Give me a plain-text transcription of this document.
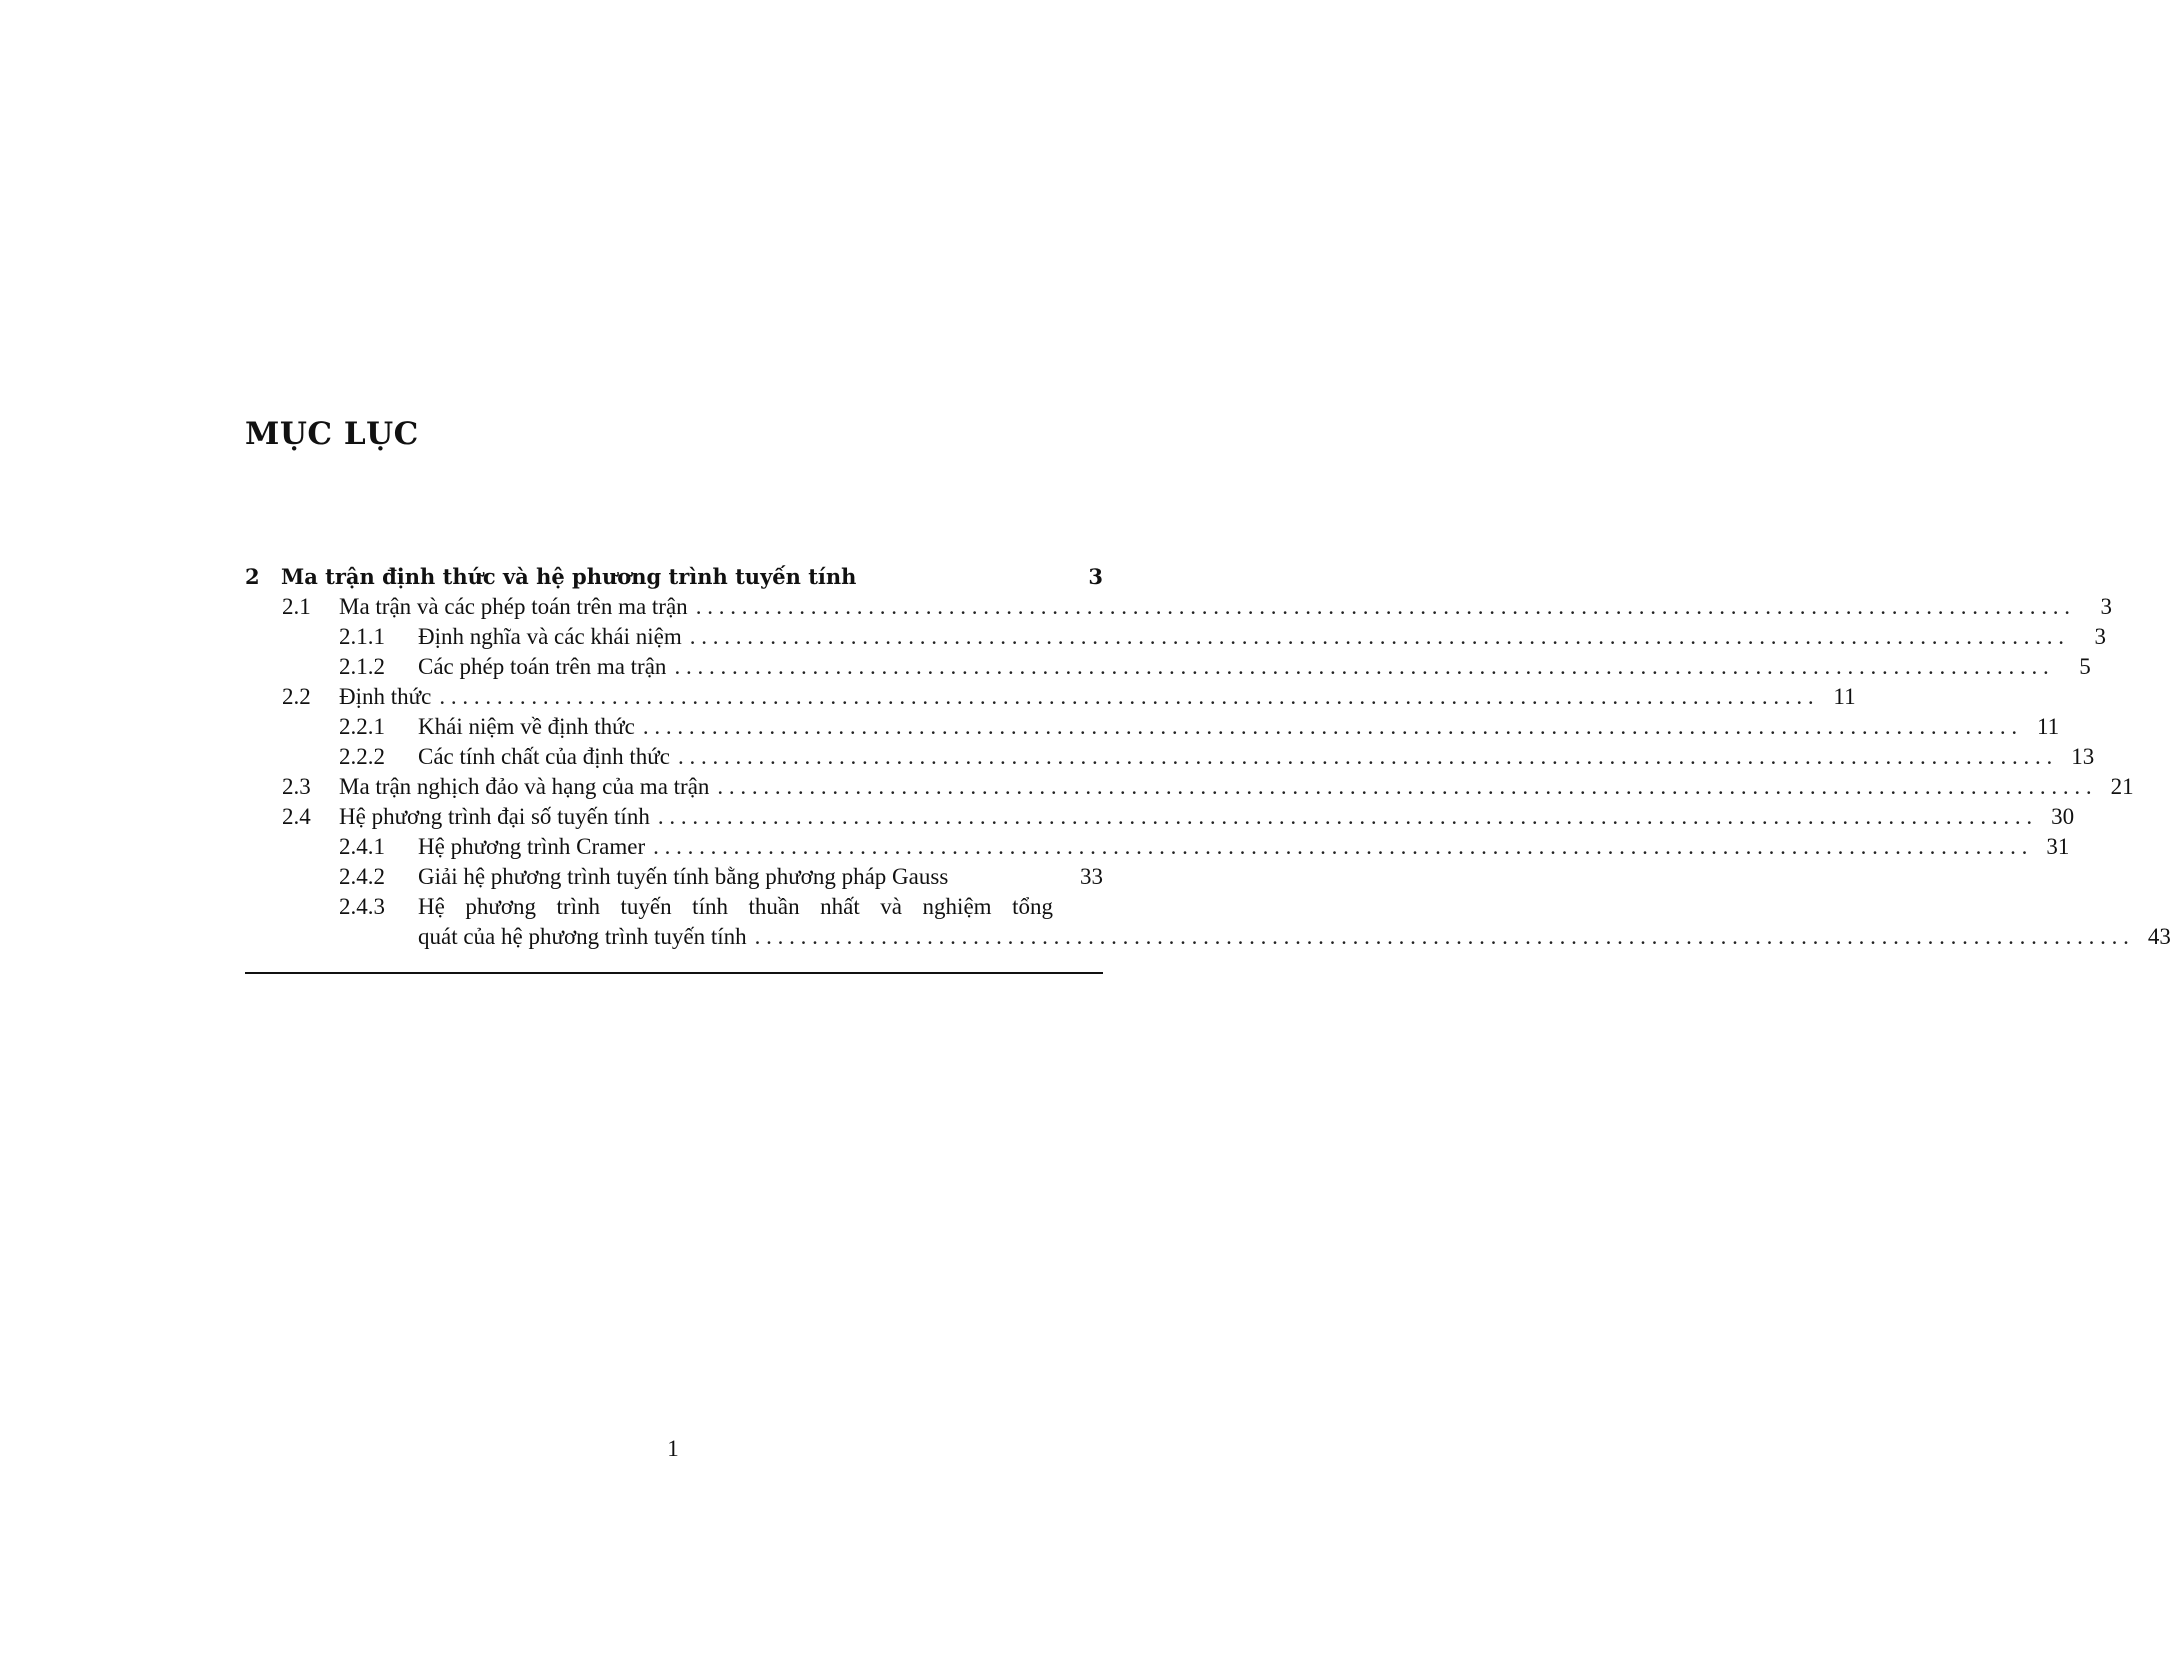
MỤC LỤC
2	Ma trận định thức và hệ phương trình tuyến tính	3
2.1	Ma trận và các phép toán trên ma trận . . . . . . . . . . . . . . . . . . . . . . . . . . . . . . . . . . . . . . . . . . . . . . . . . . . . . . . . . . . . . . . . . . . . . . . . . . . . . . . . . . . . . . . . . . . . . . . . . . . . . . . . . . . . . . . . . . . . . . . .	3
2.1.1	Định nghĩa và các khái niệm . . . . . . . . . . . . . . . . . . . . . . . . . . . . . . . . . . . . . . . . . . . . . . . . . . . . . . . . . . . . . . . . . . . . . . . . . . . . . . . . . . . . . . . . . . . . . . . . . . . . . . . . . . . . . . . . . . . . . . . .	3
2.1.2	Các phép toán trên ma trận . . . . . . . . . . . . . . . . . . . . . . . . . . . . . . . . . . . . . . . . . . . . . . . . . . . . . . . . . . . . . . . . . . . . . . . . . . . . . . . . . . . . . . . . . . . . . . . . . . . . . . . . . . . . . . . . . . . . . . . .	5
2.2	Định thức . . . . . . . . . . . . . . . . . . . . . . . . . . . . . . . . . . . . . . . . . . . . . . . . . . . . . . . . . . . . . . . . . . . . . . . . . . . . . . . . . . . . . . . . . . . . . . . . . . . . . . . . . . . . . . . . . . . . . . . . 11
2.2.1	Khái niệm về định thức . . . . . . . . . . . . . . . . . . . . . . . . . . . . . . . . . . . . . . . . . . . . . . . . . . . . . . . . . . . . . . . . . . . . . . . . . . . . . . . . . . . . . . . . . . . . . . . . . . . . . . . . . . . . . . . . . . . . . . . . 11
2.2.2	Các tính chất của định thức . . . . . . . . . . . . . . . . . . . . . . . . . . . . . . . . . . . . . . . . . . . . . . . . . . . . . . . . . . . . . . . . . . . . . . . . . . . . . . . . . . . . . . . . . . . . . . . . . . . . . . . . . . . . . . . . . . . . . . . . 13
2.3	Ma trận nghịch đảo và hạng của ma trận . . . . . . . . . . . . . . . . . . . . . . . . . . . . . . . . . . . . . . . . . . . . . . . . . . . . . . . . . . . . . . . . . . . . . . . . . . . . . . . . . . . . . . . . . . . . . . . . . . . . . . . . . . . . . . . . . . . . . . . . 21
2.4	Hệ phương trình đại số tuyến tính . . . . . . . . . . . . . . . . . . . . . . . . . . . . . . . . . . . . . . . . . . . . . . . . . . . . . . . . . . . . . . . . . . . . . . . . . . . . . . . . . . . . . . . . . . . . . . . . . . . . . . . . . . . . . . . . . . . . . . . . 30
2.4.1	Hệ phương trình Cramer . . . . . . . . . . . . . . . . . . . . . . . . . . . . . . . . . . . . . . . . . . . . . . . . . . . . . . . . . . . . . . . . . . . . . . . . . . . . . . . . . . . . . . . . . . . . . . . . . . . . . . . . . . . . . . . . . . . . . . . . 31
2.4.2	Giải hệ phương trình tuyến tính bằng phương pháp Gauss	33
2.4.3	Hệ phương trình tuyến tính thuần nhất và nghiệm tổng
quát của hệ phương trình tuyến tính . . . . . . . . . . . . . . . . . . . . . . . . . . . . . . . . . . . . . . . . . . . . . . . . . . . . . . . . . . . . . . . . . . . . . . . . . . . . . . . . . . . . . . . . . . . . . . . . . . . . . . . . . . . . . . . . . . . . . . . . 43
1
